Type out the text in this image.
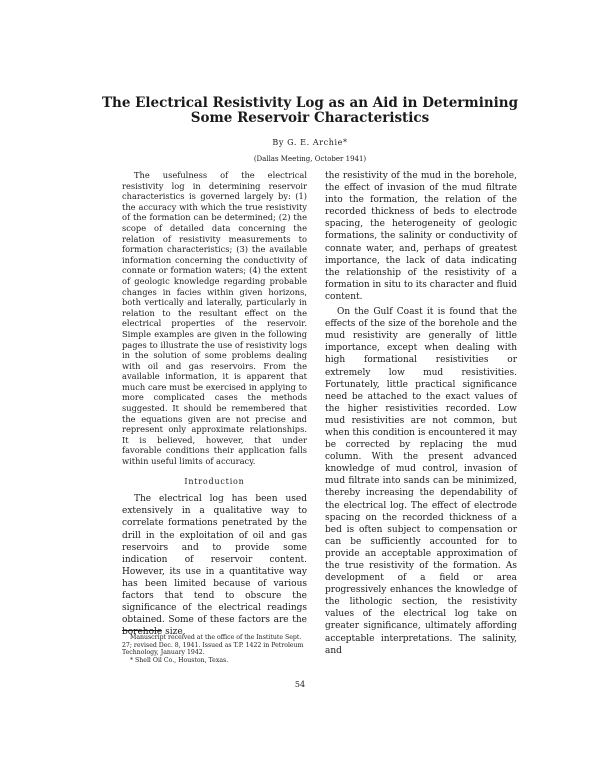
The Electrical Resistivity Log as an Aid in Determining Some Reservoir Characteristics
By G. E. Archie*
(Dallas Meeting, October 1941)

The usefulness of the electrical resistivity log in determining reservoir characteristics is governed largely by: (1) the accuracy with which the true resistivity of the formation can be determined; (2) the scope of detailed data concerning the relation of resistivity measurements to formation characteristics; (3) the available information concerning the conductivity of connate or formation waters; (4) the extent of geologic knowledge regarding probable changes in facies within given horizons, both vertically and laterally, particularly in relation to the resultant effect on the electrical properties of the reservoir. Simple examples are given in the following pages to illustrate the use of resistivity logs in the solution of some problems dealing with oil and gas reservoirs. From the available information, it is apparent that much care must be exercised in applying to more complicated cases the methods suggested. It should be remembered that the equations given are not precise and represent only approximate relationships. It is believed, however, that under favorable conditions their application falls within useful limits of accuracy.

Introduction

The electrical log has been used extensively in a qualitative way to correlate formations penetrated by the drill in the exploitation of oil and gas reservoirs and to provide some indication of reservoir content. However, its use in a quantitative way has been limited because of various factors that tend to obscure the significance of the electrical readings obtained. Some of these factors are the borehole size,

the resistivity of the mud in the borehole, the effect of invasion of the mud filtrate into the formation, the relation of the recorded thickness of beds to electrode spacing, the heterogeneity of geologic formations, the salinity or conductivity of connate water, and, perhaps of greatest importance, the lack of data indicating the relationship of the resistivity of a formation in situ to its character and fluid content.

On the Gulf Coast it is found that the effects of the size of the borehole and the mud resistivity are generally of little importance, except when dealing with high formational resistivities or extremely low mud resistivities. Fortunately, little practical significance need be attached to the exact values of the higher resistivities recorded. Low mud resistivities are not common, but when this condition is encountered it may be corrected by replacing the mud column. With the present advanced knowledge of mud control, invasion of mud filtrate into sands can be minimized, thereby increasing the dependability of the electrical log. The effect of electrode spacing on the recorded thickness of a bed is often subject to compensation or can be sufficiently accounted for to provide an acceptable approximation of the true resistivity of the formation. As development of a field or area progressively enhances the knowledge of the lithologic section, the resistivity values of the electrical log take on greater significance, ultimately affording acceptable interpretations. The salinity, and

Manuscript received at the office of the Institute Sept. 27; revised Dec. 8, 1941. Issued as T.P. 1422 in Petroleum Technology, January 1942.
* Shell Oil Co., Houston, Texas.
54
